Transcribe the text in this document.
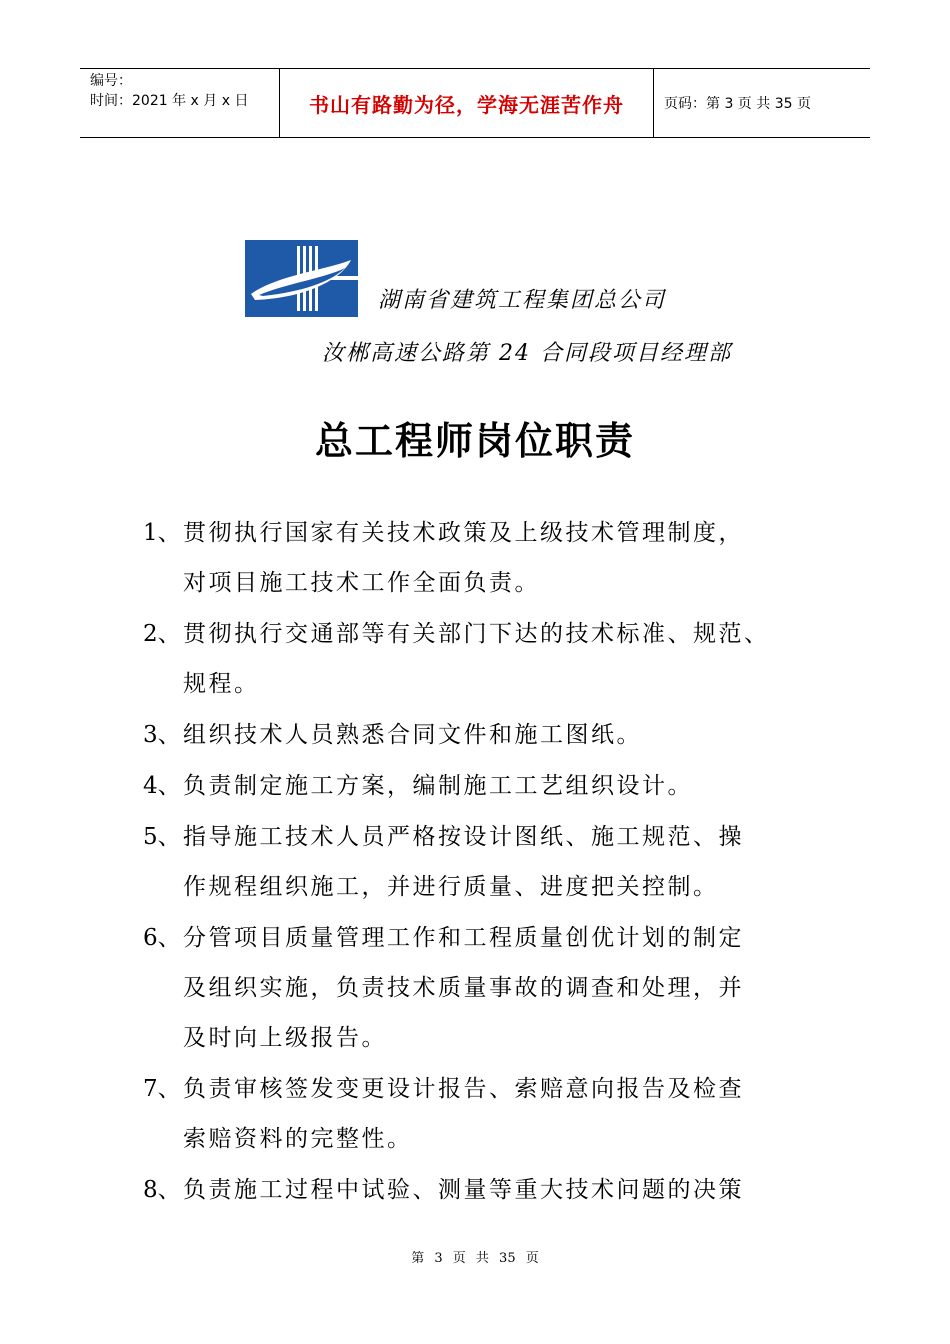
编号：
时间：2021 年 x 月 x 日	书山有路勤为径，学海无涯苦作舟	页码：第 3 页 共 35 页
湖南省建筑工程集团总公司
汝郴高速公路第 24 合同段项目经理部
总工程师岗位职责
1、 贯彻执行国家有关技术政策及上级技术管理制度，
对项目施工技术工作全面负责。
2、 贯彻执行交通部等有关部门下达的技术标准、规范、
规程。
3、 组织技术人员熟悉合同文件和施工图纸。
4、 负责制定施工方案，编制施工工艺组织设计。
5、 指导施工技术人员严格按设计图纸、施工规范、操
作规程组织施工，并进行质量、进度把关控制。
6、 分管项目质量管理工作和工程质量创优计划的制定
及组织实施，负责技术质量事故的调查和处理，并
及时向上级报告。
7、 负责审核签发变更设计报告、索赔意向报告及检查
索赔资料的完整性。
8、 负责施工过程中试验、测量等重大技术问题的决策
第 3 页 共 35 页
